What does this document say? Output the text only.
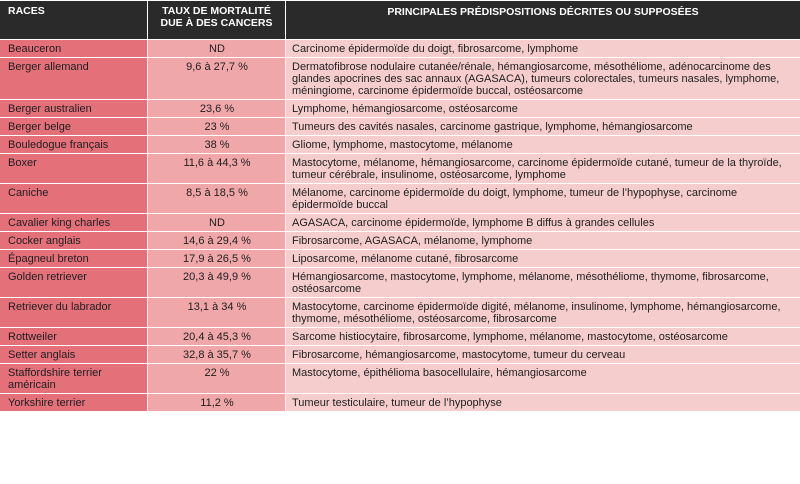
RACES	TAUX DE MORTALITÉ DUE À DES CANCERS	PRINCIPALES PRÉDISPOSITIONS DÉCRITES OU SUPPOSÉES
Beauceron	ND	Carcinome épidermoïde du doigt, fibrosarcome, lymphome
Berger allemand	9,6 à 27,7 %	Dermatofibrose nodulaire cutanée/rénale, hémangiosarcome, mésothéliome, adénocarcinome des glandes apocrines des sac annaux (AGASACA), tumeurs colorectales, tumeurs nasales, lymphome, méningiome, carcinome épidermoïde buccal, ostéosarcome
Berger australien	23,6 %	Lymphome, hémangiosarcome, ostéosarcome
Berger belge	23 %	Tumeurs des cavités nasales, carcinome gastrique, lymphome, hémangiosarcome
Bouledogue français	38 %	Gliome, lymphome, mastocytome, mélanome
Boxer	11,6 à 44,3 %	Mastocytome, mélanome, hémangiosarcome, carcinome épidermoïde cutané, tumeur de la thyroïde, tumeur cérébrale, insulinome, ostéosarcome, lymphome
Caniche	8,5 à 18,5 %	Mélanome, carcinome épidermoïde du doigt, lymphome, tumeur de l’hypophyse, carcinome épidermoïde buccal
Cavalier king charles	ND	AGASACA, carcinome épidermoïde, lymphome B diffus à grandes cellules
Cocker anglais	14,6 à 29,4 %	Fibrosarcome, AGASACA, mélanome, lymphome
Épagneul breton	17,9 à 26,5 %	Liposarcome, mélanome cutané, fibrosarcome
Golden retriever	20,3 à 49,9 %	Hémangiosarcome, mastocytome, lymphome, mélanome, mésothéliome, thymome, fibrosarcome, ostéosarcome
Retriever du labrador	13,1 à 34 %	Mastocytome, carcinome épidermoïde digité, mélanome, insulinome, lymphome, hémangiosarcome, thymome, mésothéliome, ostéosarcome, fibrosarcome
Rottweiler	20,4 à 45,3 %	Sarcome histiocytaire, fibrosarcome, lymphome, mélanome, mastocytome, ostéosarcome
Setter anglais	32,8 à 35,7 %	Fibrosarcome, hémangiosarcome, mastocytome, tumeur du cerveau
Staffordshire terrier américain	22 %	Mastocytome, épithélioma basocellulaire, hémangiosarcome
Yorkshire terrier	11,2 %	Tumeur testiculaire, tumeur de l’hypophyse
